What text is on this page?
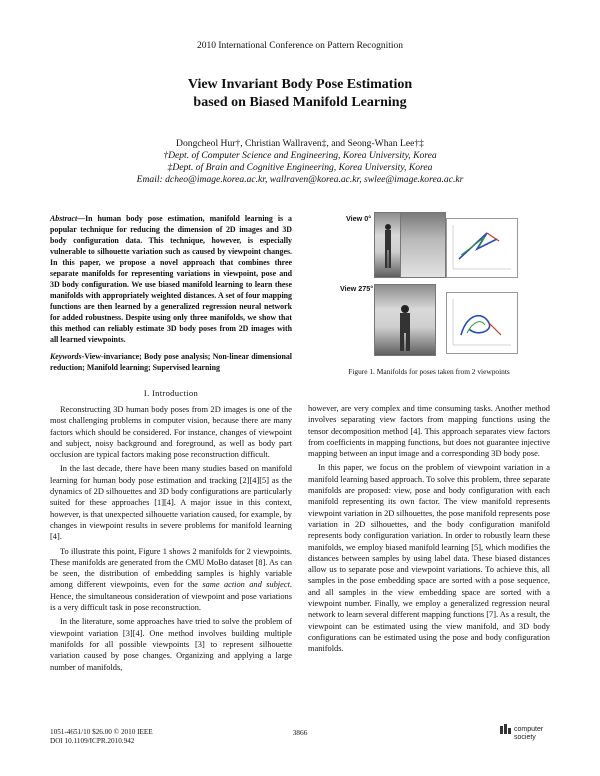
2010 International Conference on Pattern Recognition
View Invariant Body Pose Estimation
based on Biased Manifold Learning
Dongcheol Hur†, Christian Wallraven‡, and Seong-Whan Lee†‡
†Dept. of Computer Science and Engineering, Korea University, Korea
‡Dept. of Brain and Cognitive Engineering, Korea University, Korea
Email: dcheo@image.korea.ac.kr, wallraven@korea.ac.kr, swlee@image.korea.ac.kr
Abstract—In human body pose estimation, manifold learning is a popular technique for reducing the dimension of 2D images and 3D body configuration data. This technique, however, is especially vulnerable to silhouette variation such as caused by viewpoint changes. In this paper, we propose a novel approach that combines three separate manifolds for representing variations in viewpoint, pose and 3D body configuration. We use biased manifold learning to learn these manifolds with appropriately weighted distances. A set of four mapping functions are then learned by a generalized regression neural network for added robustness. Despite using only three manifolds, we show that this method can reliably estimate 3D body poses from 2D images with all learned viewpoints.
Keywords-View-invariance; Body pose analysis; Non-linear dimensional reduction; Manifold learning; Supervised learning
I. Introduction

Reconstructing 3D human body poses from 2D images is one of the most challenging problems in computer vision, because there are many factors which should be considered. For instance, changes of viewpoint and subject, noisy background and foreground, as well as body part occlusion are typical factors making pose reconstruction difficult.

In the last decade, there have been many studies based on manifold learning for human body pose estimation and tracking [2][4][5] as the dynamics of 2D silhouettes and 3D body configurations are particularly suited for these approaches [1][4]. A major issue in this context, however, is that unexpected silhouette variation caused, for example, by changes in viewpoint results in severe problems for manifold learning [4].

To illustrate this point, Figure 1 shows 2 manifolds for 2 viewpoints. These manifolds are generated from the CMU MoBo dataset [8]. As can be seen, the distribution of embedding samples is highly variable among different viewpoints, even for the same action and subject. Hence, the simultaneous consideration of viewpoint and pose variations is a very difficult task in pose reconstruction.

In the literature, some approaches have tried to solve the problem of viewpoint variation [3][4]. One method involves building multiple manifolds for all possible viewpoints [3] to represent silhouette variation caused by pose changes. Organizing and applying a large number of manifolds,

View 0°
View 275°
Figure 1. Manifolds for poses taken from 2 viewpoints

however, are very complex and time consuming tasks. Another method involves separating view factors from mapping functions using the tensor decomposition method [4]. This approach separates view factors from coefficients in mapping functions, but does not guarantee injective mapping between an input image and a corresponding 3D body pose.

In this paper, we focus on the problem of viewpoint variation in a manifold learning based approach. To solve this problem, three separate manifolds are proposed: view, pose and body configuration with each manifold representing its own factor. The view manifold represents viewpoint variation in 2D silhouettes, the pose manifold represents pose variation in 2D silhouettes, and the body configuration manifold represents body configuration variation. In order to robustly learn these manifolds, we employ biased manifold learning [5], which modifies the distances between samples by using label data. These biased distances allow us to separate pose and viewpoint variations. To achieve this, all samples in the pose embedding space are sorted with a pose sequence, and all samples in the view embedding space are sorted with a viewpoint number. Finally, we employ a generalized regression neural network to learn several different mapping functions [7]. As a result, the viewpoint can be estimated using the view manifold, and 3D body configurations can be estimated using the pose and body configuration manifolds.

1051-4651/10 $26.00 © 2010 IEEE
DOI 10.1109/ICPR.2010.942
3866	computer
society
